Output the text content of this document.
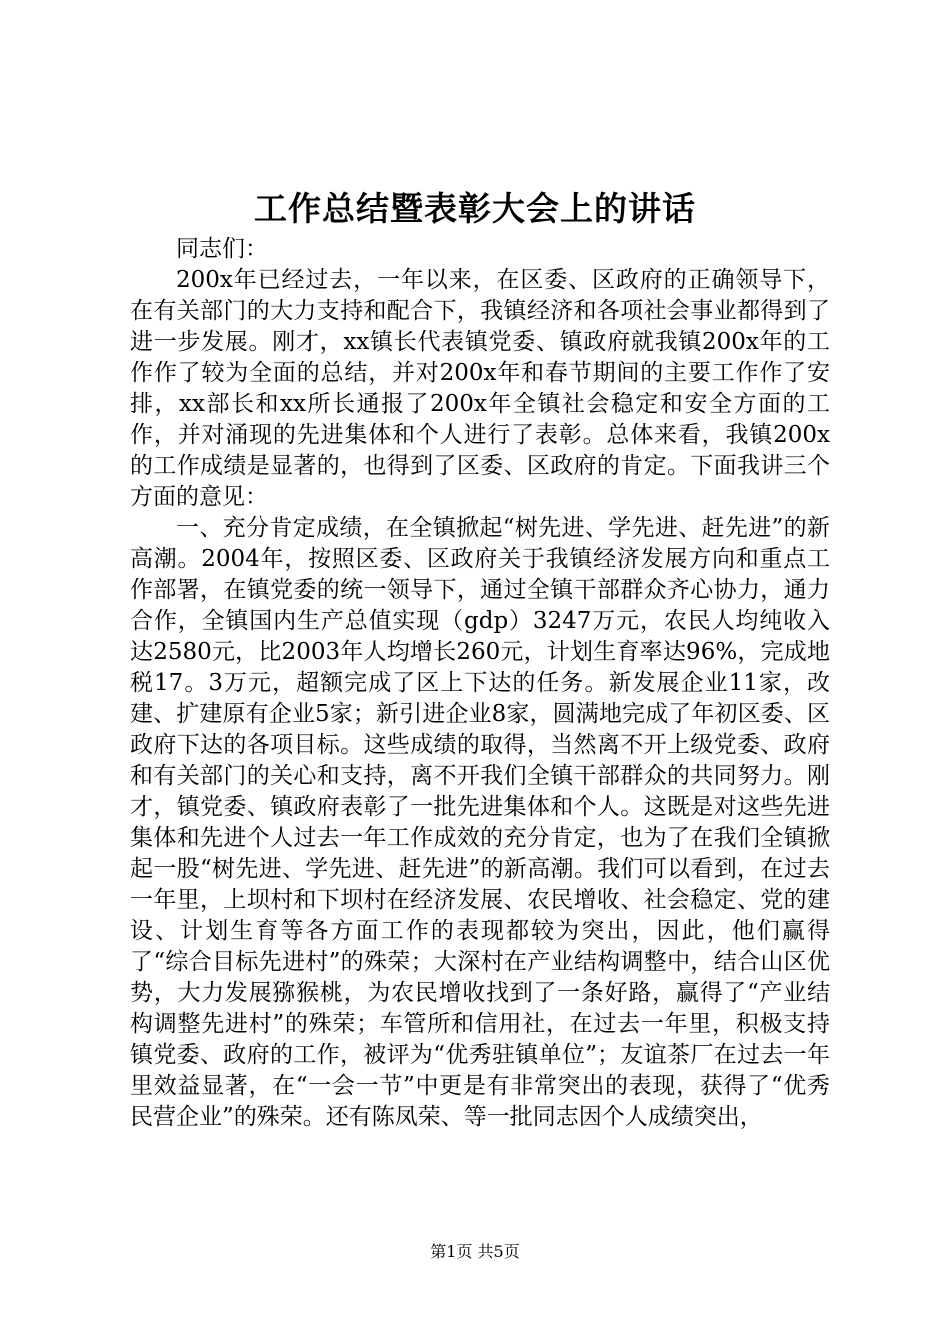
工作总结暨表彰大会上的讲话

同志们：

200x年已经过去，一年以来，在区委、区政府的正确领导下，在有关部门的大力支持和配合下，我镇经济和各项社会事业都得到了进一步发展。刚才，xx镇长代表镇党委、镇政府就我镇200x年的工作作了较为全面的总结，并对200x年和春节期间的主要工作作了安排，xx部长和xx所长通报了200x年全镇社会稳定和安全方面的工作，并对涌现的先进集体和个人进行了表彰。总体来看，我镇200x的工作成绩是显著的，也得到了区委、区政府的肯定。下面我讲三个方面的意见：

一、充分肯定成绩，在全镇掀起“树先进、学先进、赶先进”的新高潮。2004年，按照区委、区政府关于我镇经济发展方向和重点工作部署，在镇党委的统一领导下，通过全镇干部群众齐心协力，通力合作，全镇国内生产总值实现（gdp）3247万元，农民人均纯收入达2580元，比2003年人均增长260元，计划生育率达96%，完成地税17。3万元，超额完成了区上下达的任务。新发展企业11家，改建、扩建原有企业5家；新引进企业8家，圆满地完成了年初区委、区政府下达的各项目标。这些成绩的取得，当然离不开上级党委、政府和有关部门的关心和支持，离不开我们全镇干部群众的共同努力。刚才，镇党委、镇政府表彰了一批先进集体和个人。这既是对这些先进集体和先进个人过去一年工作成效的充分肯定，也为了在我们全镇掀起一股“树先进、学先进、赶先进”的新高潮。我们可以看到，在过去一年里，上坝村和下坝村在经济发展、农民增收、社会稳定、党的建设、计划生育等各方面工作的表现都较为突出，因此，他们赢得了“综合目标先进村”的殊荣；大深村在产业结构调整中，结合山区优势，大力发展猕猴桃，为农民增收找到了一条好路，赢得了“产业结构调整先进村”的殊荣；车管所和信用社，在过去一年里，积极支持镇党委、政府的工作，被评为“优秀驻镇单位”；友谊茶厂在过去一年里效益显著，在“一会一节”中更是有非常突出的表现，获得了“优秀民营企业”的殊荣。还有陈凤荣、等一批同志因个人成绩突出，

第1页 共5页
